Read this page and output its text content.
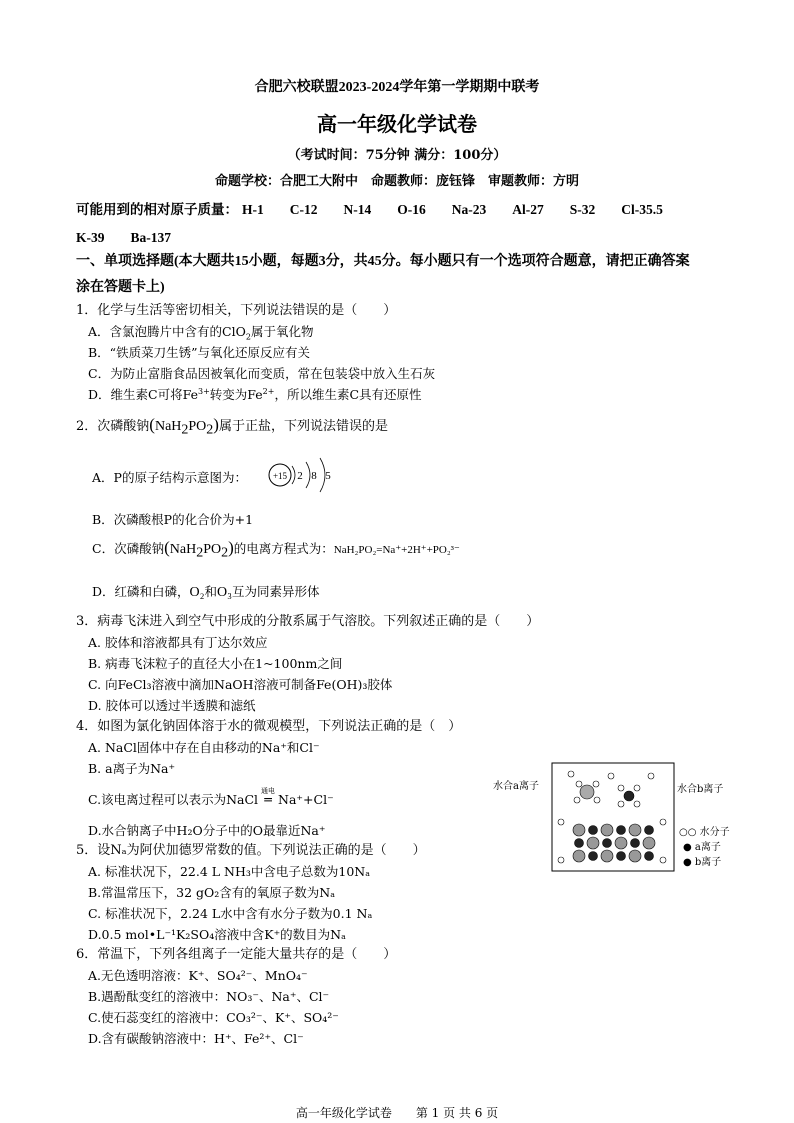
合肥六校联盟2023-2024学年第一学期期中联考
高一年级化学试卷
（考试时间：75分钟 满分：100分）
命题学校：合肥工大附中　命题教师：庞钰锋　审题教师：方明
可能用到的相对原子质量： H-1 C-12 N-14 O-16 Na-23 Al-27 S-32 Cl-35.5
K-39 Ba-137
一、单项选择题(本大题共15小题，每题3分，共45分。每小题只有一个选项符合题意，请把正确答案
涂在答题卡上)
1．化学与生活等密切相关，下列说法错误的是（　　）
A．含氯泡腾片中含有的ClO$_2$属于氧化物
B．“铁质菜刀生锈”与氧化还原反应有关
C．为防止富脂食品因被氧化而变质，常在包装袋中放入生石灰
D．维生素C可将$Fe^{3+}$转变为$Fe^{2+}$，所以维生素C具有还原性
2．次磷酸钠$(NaH_2PO_2)$属于正盐，下列说法错误的是
A．P的原子结构示意图为：	+15 2 8 5
B．次磷酸根P的化合价为+1
C．次磷酸钠$(NaH_2PO_2)$的电离方程式为：NaH₂PO₂=Na⁺+2H⁺+PO₂³⁻
D．红磷和白磷，O₂和O₃互为同素异形体
3．病毒飞沫进入到空气中形成的分散系属于气溶胶。下列叙述正确的是（　　）
A. 胶体和溶液都具有丁达尔效应
B. 病毒飞沫粒子的直径大小在1~100nm之间
C. 向FeCl₃溶液中滴加NaOH溶液可制备Fe(OH)₃胶体
D. 胶体可以透过半透膜和滤纸
4．如图为氯化钠固体溶于水的微观模型，下列说法正确的是（　）
A. NaCl固体中存在自由移动的Na⁺和Cl⁻
B. a离子为Na⁺
C.该电离过程可以表示为NaCl
通电
═ Na⁺+Cl⁻
D.水合钠离子中H₂O分子中的O最靠近Na⁺
水合a离子	水合b离子
○○ 水分子
● a离子
● b离子
5．设Nₐ为阿伏加德罗常数的值。下列说法正确的是（　　）
A. 标准状况下，22.4 L NH₃中含电子总数为10Nₐ
B.常温常压下，32 gO₂含有的氧原子数为Nₐ
C. 标准状况下，2.24 L水中含有水分子数为0.1 Nₐ
D.0.5 mol•L⁻¹K₂SO₄溶液中含K⁺的数目为Nₐ
6．常温下，下列各组离子一定能大量共存的是（　　）
A.无色透明溶液：K⁺、SO₄²⁻、MnO₄⁻
B.遇酚酞变红的溶液中：NO₃⁻、Na⁺、Cl⁻
C.使石蕊变红的溶液中：CO₃²⁻、K⁺、SO₄²⁻
D.含有碳酸钠溶液中：H⁺、Fe²⁺、Cl⁻
高一年级化学试卷　　第 1 页 共 6 页
